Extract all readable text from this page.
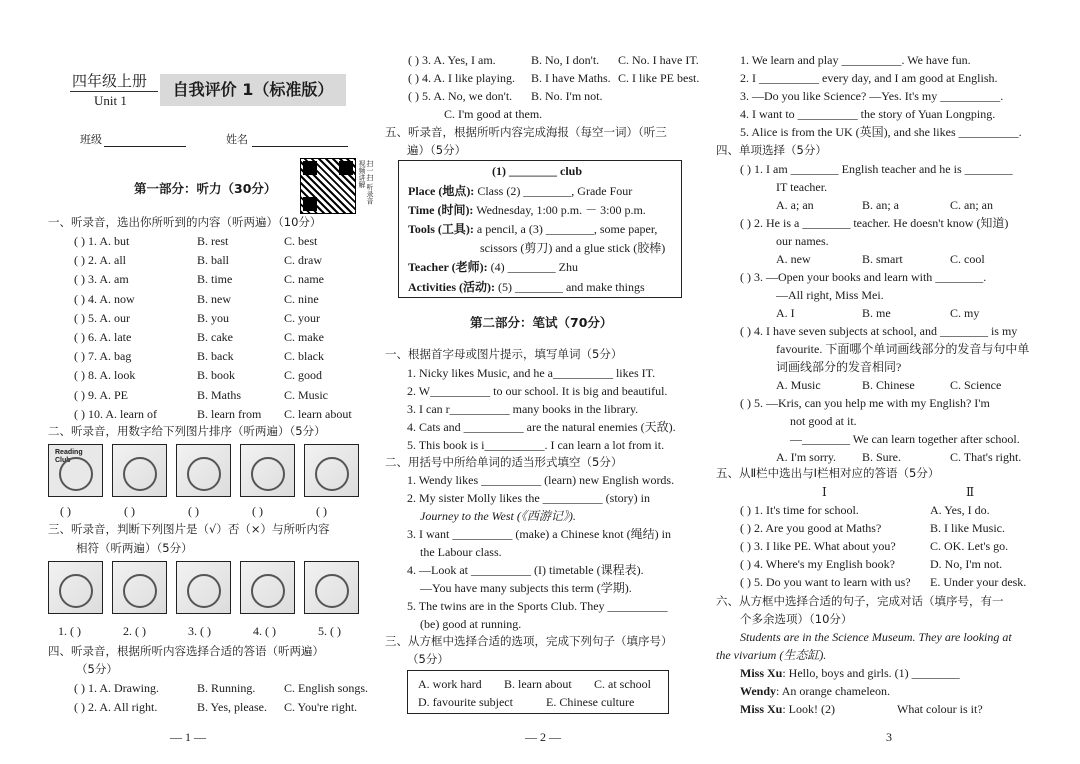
四年级上册
Unit 1
自我评价 1（标准版）
班级	姓名
扫一扫 听录音 视频讲解
第一部分：听力（30分）
一、听录音，选出你所听到的内容（听两遍）（10分）
( ) 1. A. but	B. rest	C. best
( ) 2. A. all	B. ball	C. draw
( ) 3. A. am	B. time	C. name
( ) 4. A. now	B. new	C. nine
( ) 5. A. our	B. you	C. your
( ) 6. A. late	B. cake	C. make
( ) 7. A. bag	B. back	C. black
( ) 8. A. look	B. book	C. good
( ) 9. A. PE	B. Maths	C. Music
( ) 10. A. learn of	B. learn from C. learn about
二、听录音，用数字给下列图片排序（听两遍）（5分）
Reading Club
( )	( )	( )	( )	( )
三、听录音，判断下列图片是（√）否（×）与所听内容
相符（听两遍）（5分）
1. ( )	2. ( )	3. ( )	4. ( )	5. ( )
四、听录音，根据所听内容选择合适的答语（听两遍）
（5分）
( ) 1. A. Drawing.	B. Running. C. English songs.
( ) 2. A. All right.	B. Yes, please. C. You're right.
— 1 —
( ) 3. A. Yes, I am.	B. No, I don't. C. No. I have IT.
( ) 4. A. I like playing. B. I have Maths. C. I like PE best.
( ) 5. A. No, we don't. B. No. I'm not.
C. I'm good at them.
五、听录音，根据所听内容完成海报（每空一词）（听三
遍）（5分）
(1) ________ club
Place (地点): Class (2) ________, Grade Four
Time (时间): Wednesday, 1:00 p.m. － 3:00 p.m.
Tools (工具): a pencil, a (3) ________, some paper,
scissors (剪刀) and a glue stick (胶棒)
Teacher (老师): (4) ________ Zhu
Activities (活动): (5) ________ and make things
第二部分：笔试（70分）
一、根据首字母或图片提示，填写单词（5分）
1. Nicky likes Music, and he a__________ likes IT.
2. W__________ to our school. It is big and beautiful.
3. I can r__________ many books in the library.
4. Cats and __________ are the natural enemies (天敌).
5. This book is i__________. I can learn a lot from it.
二、用括号中所给单词的适当形式填空（5分）
1. Wendy likes __________ (learn) new English words.
2. My sister Molly likes the __________ (story) in
Journey to the West (《西游记》).
3. I want __________ (make) a Chinese knot (绳结) in
the Labour class.
4. —Look at __________ (I) timetable (课程表).
—You have many subjects this term (学期).
5. The twins are in the Sports Club. They __________
(be) good at running.
三、从方框中选择合适的选项，完成下列句子（填序号）
（5分）
A. work hard B. learn about C. at school
D. favourite subject	E. Chinese culture
— 2 —
1. We learn and play __________. We have fun.
2. I __________ every day, and I am good at English.
3. —Do you like Science? —Yes. It's my __________.
4. I want to __________ the story of Yuan Longping.
5. Alice is from the UK (英国), and she likes __________.
四、单项选择（5分）
( ) 1. I am ________ English teacher and he is ________
IT teacher.
A. a; an	B. an; a	C. an; an
( ) 2. He is a ________ teacher. He doesn't know (知道)
our names.
A. new	B. smart	C. cool
( ) 3. —Open your books and learn with ________.
—All right, Miss Mei.
A. I	B. me	C. my
( ) 4. I have seven subjects at school, and ________ is my
favourite. 下面哪个单词画线部分的发音与句中单
词画线部分的发音相同?
A. Music	B. Chinese	C. Science
( ) 5. —Kris, can you help me with my English? I'm
not good at it.
—________ We can learn together after school.
A. I'm sorry. B. Sure.	C. That's right.
五、从Ⅱ栏中选出与Ⅰ栏相对应的答语（5分）
Ⅰ	Ⅱ
( ) 1. It's time for school.	A. Yes, I do.
( ) 2. Are you good at Maths?	B. I like Music.
( ) 3. I like PE. What about you?	C. OK. Let's go.
( ) 4. Where's my English book?	D. No, I'm not.
( ) 5. Do you want to learn with us? E. Under your desk.
六、从方框中选择合适的句子，完成对话（填序号，有一
个多余选项）（10分）
Students are in the Science Museum. They are looking at
the vivarium (生态缸).
Miss Xu: Hello, boys and girls. (1) ________
Wendy: An orange chameleon.
Miss Xu: Look! (2)	What colour is it?
3
